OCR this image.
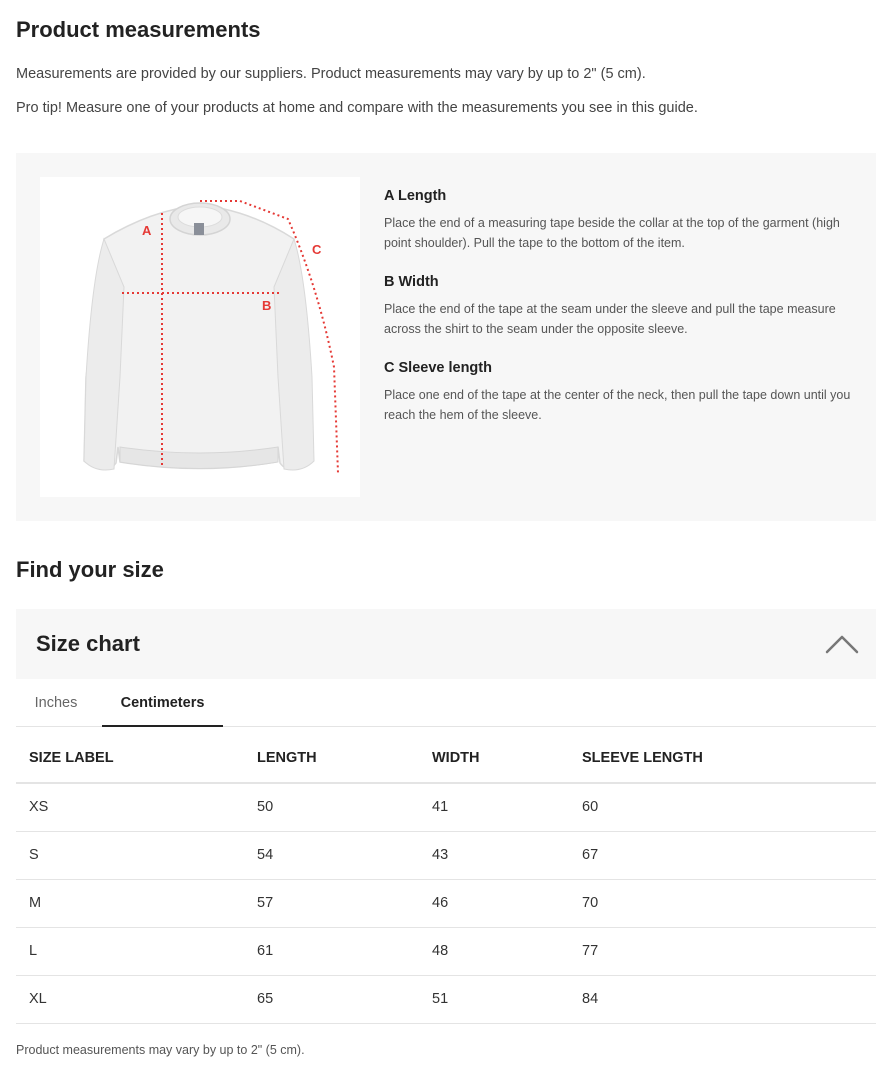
Product measurements

Measurements are provided by our suppliers. Product measurements may vary by up to 2" (5 cm).

Pro tip! Measure one of your products at home and compare with the measurements you see in this guide.

A
B
C
A Length

Place the end of a measuring tape beside the collar at the top of the garment (high point shoulder). Pull the tape to the bottom of the item.

B Width

Place the end of the tape at the seam under the sleeve and pull the tape measure across the shirt to the seam under the opposite sleeve.

C Sleeve length

Place one end of the tape at the center of the neck, then pull the tape down until you reach the hem of the sleeve.

Find your size
Size chart
Inches	Centimeters
SIZE LABEL	LENGTH	WIDTH	SLEEVE LENGTH
XS	50	41	60
S	54	43	67
M	57	46	70
L	61	48	77
XL	65	51	84

Product measurements may vary by up to 2" (5 cm).
